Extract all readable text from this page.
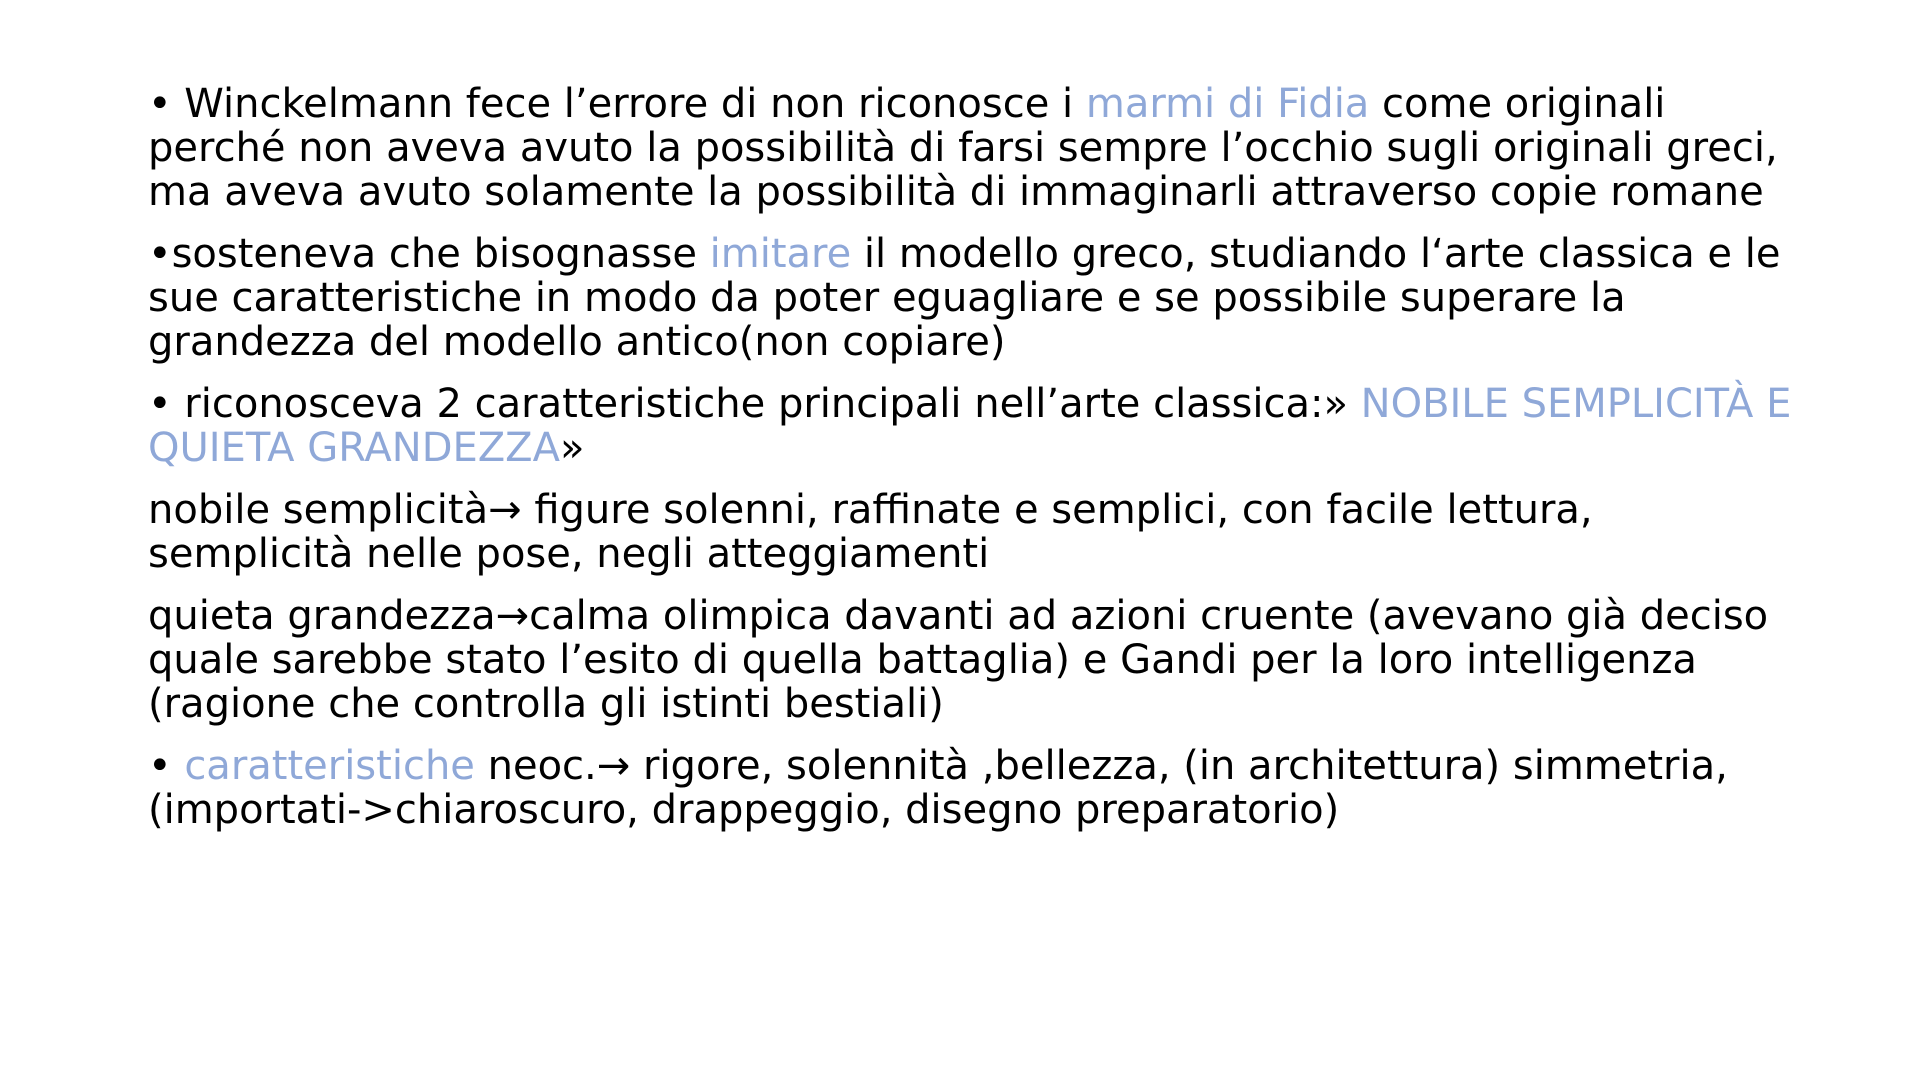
• Winckelmann fece l’errore di non riconosce i marmi di Fidia come originali perché non aveva avuto la possibilità di farsi sempre l’occhio sugli originali greci, ma aveva avuto solamente la possibilità di immaginarli attraverso copie romane

•sosteneva che bisognasse imitare il modello greco, studiando l‘arte classica e le sue caratteristiche in modo da poter eguagliare e se possibile superare la grandezza del modello antico(non copiare)

• riconosceva 2 caratteristiche principali nell’arte classica:» NOBILE SEMPLICITÀ E QUIETA GRANDEZZA»

nobile semplicità→ figure solenni, raffinate e semplici, con facile lettura, semplicità nelle pose, negli atteggiamenti

quieta grandezza→calma olimpica davanti ad azioni cruente (avevano già deciso quale sarebbe stato l’esito di quella battaglia) e Gandi per la loro intelligenza (ragione che controlla gli istinti bestiali)

• caratteristiche neoc.→ rigore, solennità ,bellezza, (in architettura) simmetria, (importati->chiaroscuro, drappeggio, disegno preparatorio)
